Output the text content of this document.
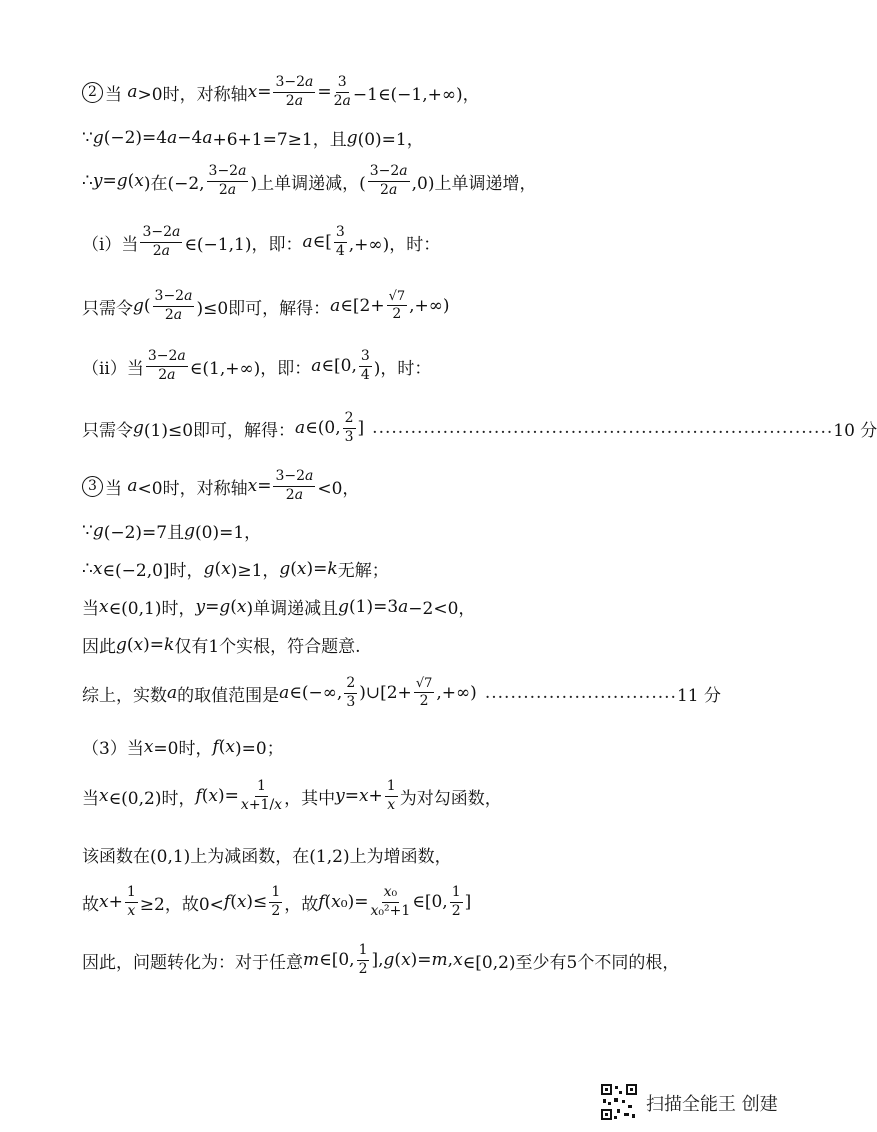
2 当 a >0时，对称轴 $x = \frac{3-2a}{2a} = \frac{3}{2a}$ −1∈(−1,+∞)，
∵ g (−2)=4 a −4 a +6+1=7≥1，且 g (0)=1，
∴ y = g ( x )在(−2, $\frac{3-2a}{2a}$ )上单调递减，( $\frac{3-2a}{2a} ,0$)上单调递增，
（i）当 $\frac{3-2a}{2a}$ ∈(−1,1)，即： a ∈[ $\frac{3}{4}$ ,+∞)，时：
只需令 g ( $\frac{3-2a}{2a} )\le 0$即可，解得： a ∈[2+ $\frac{√7}{2}$ ,+∞)
（ii）当 $\frac{3-2a}{2a}$ ∈(1,+∞)，即： a ∈[0, $\frac{3}{4}$ )，时：
只需令 g (1)≤0即可，解得： a ∈(0, $\frac{2}{3}$ ] ........................................................................ 10 分
3 当 a <0时，对称轴 $x = \frac{3-2a}{2a} <0$，
∵ g (−2)=7且 g (0)=1，
∴ x ∈(−2,0]时， g ( x )≥1， g ( x )= k 无解；
当 x ∈(0,1)时， y = g ( x )单调递减且 g (1)=3 a −2<0，
因此 g ( x )= k 仅有1个实根，符合题意.
综上，实数 a 的取值范围是 a ∈(−∞, $\frac{2}{3}$ )∪[2+ $\frac{√7}{2}$ ,+∞) .............................. 11 分
（3）当 x =0时， f ( x )=0；
当 x ∈(0,2)时， f ( x )= $\frac{1}{x+1/x}$ ，其中 $y = x + \frac{1}{x}$ 为对勾函数，
该函数在(0,1)上为减函数，在(1,2)上为增函数，
故 $x + \frac{1}{x} \ge 2$，故0< f ( x )≤ $\frac{1}{2}$ ，故 f ( x $_0)= \frac{\text{x₀}}{\text{x₀²+1}}$ ∈[0, $\frac{1}{2}$ ]
因此，问题转化为：对于任意 m ∈[0, $\frac{1}{2}$ ], g ( x )= m , x ∈[0,2)至少有5个不同的根，
扫描全能王 创建
